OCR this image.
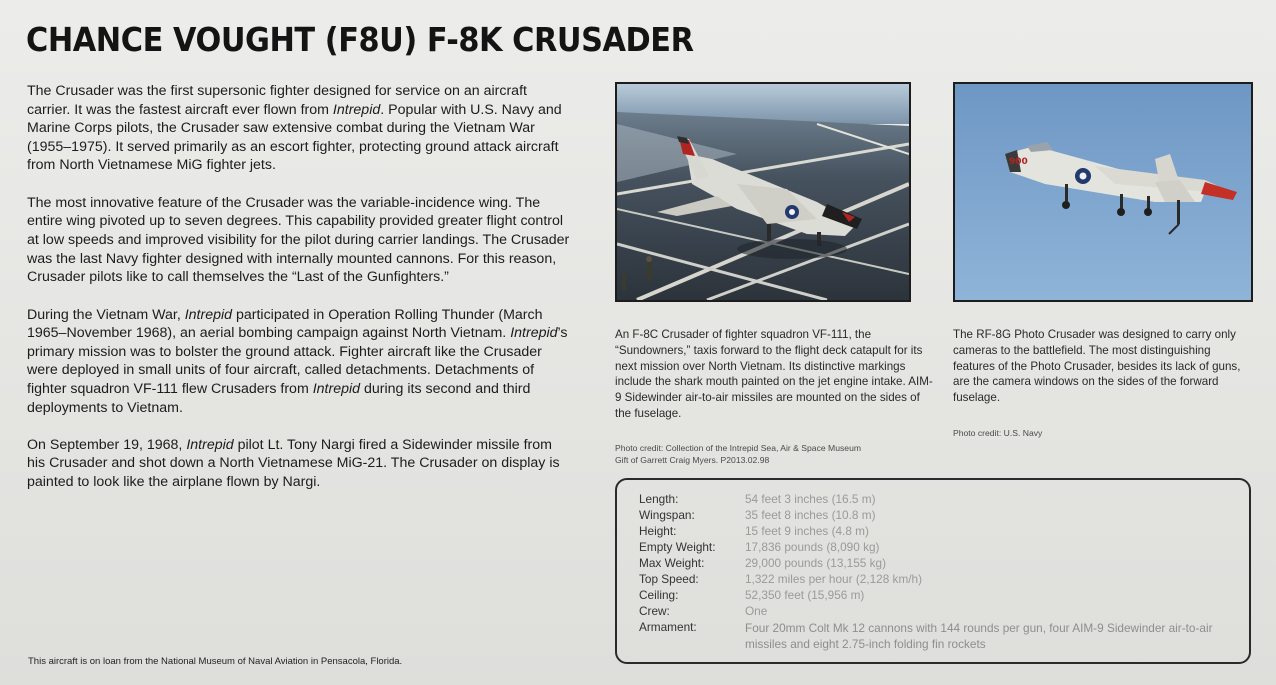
CHANCE VOUGHT (F8U) F-8K CRUSADER

The Crusader was the first supersonic fighter designed for service on an aircraft carrier. It was the fastest aircraft ever flown from Intrepid. Popular with U.S. Navy and Marine Corps pilots, the Crusader saw extensive combat during the Vietnam War (1955–1975). It served primarily as an escort fighter, protecting ground attack aircraft from North Vietnamese MiG fighter jets.

The most innovative feature of the Crusader was the variable-incidence wing. The entire wing pivoted up to seven degrees. This capability provided greater flight control at low speeds and improved visibility for the pilot during carrier landings. The Crusader was the last Navy fighter designed with internally mounted cannons. For this reason, Crusader pilots like to call themselves the “Last of the Gunfighters.”

During the Vietnam War, Intrepid participated in Operation Rolling Thunder (March 1965–November 1968), an aerial bombing campaign against North Vietnam. Intrepid’s primary mission was to bolster the ground attack. Fighter aircraft like the Crusader were deployed in small units of four aircraft, called detachments. Detachments of fighter squadron VF-111 flew Crusaders from Intrepid during its second and third deployments to Vietnam.

On September 19, 1968, Intrepid pilot Lt. Tony Nargi fired a Sidewinder missile from his Crusader and shot down a North Vietnamese MiG-21. The Crusader on display is painted to look like the airplane flown by Nargi.

This aircraft is on loan from the National Museum of Naval Aviation in Pensacola, Florida.
900
An F-8C Crusader of fighter squadron VF-111, the “Sundowners,” taxis forward to the flight deck catapult for its next mission over North Vietnam. Its distinctive markings include the shark mouth painted on the jet engine intake. AIM-9 Sidewinder air-to-air missiles are mounted on the sides of the fuselage.
Photo credit: Collection of the Intrepid Sea, Air & Space Museum
Gift of Garrett Craig Myers. P2013.02.98
The RF-8G Photo Crusader was designed to carry only cameras to the battlefield. The most distinguishing features of the Photo Crusader, besides its lack of guns, are the camera windows on the sides of the forward fuselage.
Photo credit: U.S. Navy
Length:	54 feet 3 inches (16.5 m)
Wingspan:	35 feet 8 inches (10.8 m)
Height:	15 feet 9 inches (4.8 m)
Empty Weight:	17,836 pounds (8,090 kg)
Max Weight:	29,000 pounds (13,155 kg)
Top Speed:	1,322 miles per hour (2,128 km/h)
Ceiling:	52,350 feet (15,956 m)
Crew:	One
Armament:	Four 20mm Colt Mk 12 cannons with 144 rounds per gun, four AIM-9 Sidewinder air-to-air missiles and eight 2.75-inch folding fin rockets
